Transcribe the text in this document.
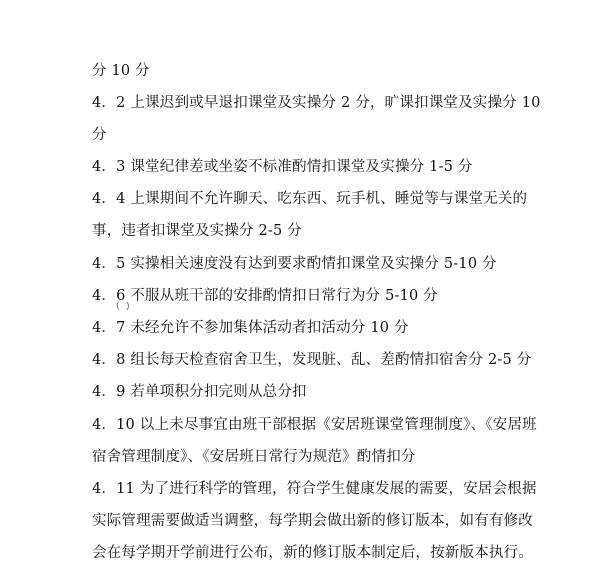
分 10 分
4．2 上课迟到或早退扣课堂及实操分 2 分，旷课扣课堂及实操分 10
分
4．3 课堂纪律差或坐姿不标准酌情扣课堂及实操分 1-5 分
4．4 上课期间不允许聊天、吃东西、玩手机、睡觉等与课堂无关的
事，违者扣课堂及实操分 2-5 分
4．5 实操相关速度没有达到要求酌情扣课堂及实操分 5-10 分
4．6 不服从班干部的安排酌情扣日常行为分 5-10 分
4．7 未经允许不参加集体活动者扣活动分 10 分
4．8 组长每天检查宿舍卫生，发现脏、乱、差酌情扣宿舍分 2-5 分
4．9 若单项积分扣完则从总分扣
4．10 以上未尽事宜由班干部根据《安居班课堂管理制度》、《安居班
宿舍管理制度》、《安居班日常行为规范》酌情扣分
4．11 为了进行科学的管理，符合学生健康发展的需要，安居会根据
实际管理需要做适当调整，每学期会做出新的修订版本，如有有修改
会在每学期开学前进行公布，新的修订版本制定后，按新版本执行。
